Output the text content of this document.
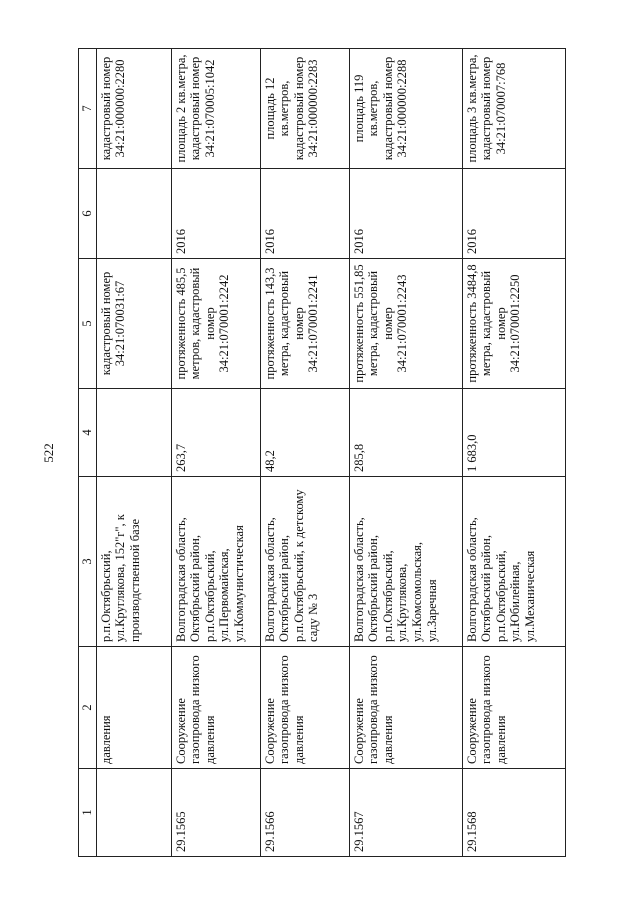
522
1	2	3	4	5	6	7
	давления	р.п.Октябрьский, ул.Круглякова, 152"г", к производственной базе		кадастровый номер 34:21:070031:67		кадастровый номер 34:21:000000:2280
29.1565	Сооружение газопровода низкого давления	Волгоградская область, Октябрьский район, р.п.Октябрьский, ул.Первомайская, ул.Коммунистическая	263,7	протяженность 485,5 метров, кадастровый номер 34:21:070001:2242	2016	площадь 2 кв.метра, кадастровый номер 34:21:070005:1042
29.1566	Сооружение газопровода низкого давления	Волгоградская область, Октябрьский район, р.п.Октябрьский, к детскому саду № 3	48,2	протяженность 143,3 метра, кадастровый номер 34:21:070001:2241	2016	площадь 12 кв.метров, кадастровый номер 34:21:000000:2283
29.1567	Сооружение газопровода низкого давления	Волгоградская область, Октябрьский район, р.п.Октябрьский, ул.Круглякова, ул.Комсомольская, ул.Заречная	285,8	протяженность 551,85 метра, кадастровый номер 34:21:070001:2243	2016	площадь 119 кв.метров, кадастровый номер 34:21:000000:2288
29.1568	Сооружение газопровода низкого давления	Волгоградская область, Октябрьский район, р.п.Октябрьский, ул.Юбилейная, ул.Механическая	1 683,0	протяженность 3484,8 метра, кадастровый номер 34:21:070001:2250	2016	площадь 3 кв.метра, кадастровый номер 34:21:070007:768
